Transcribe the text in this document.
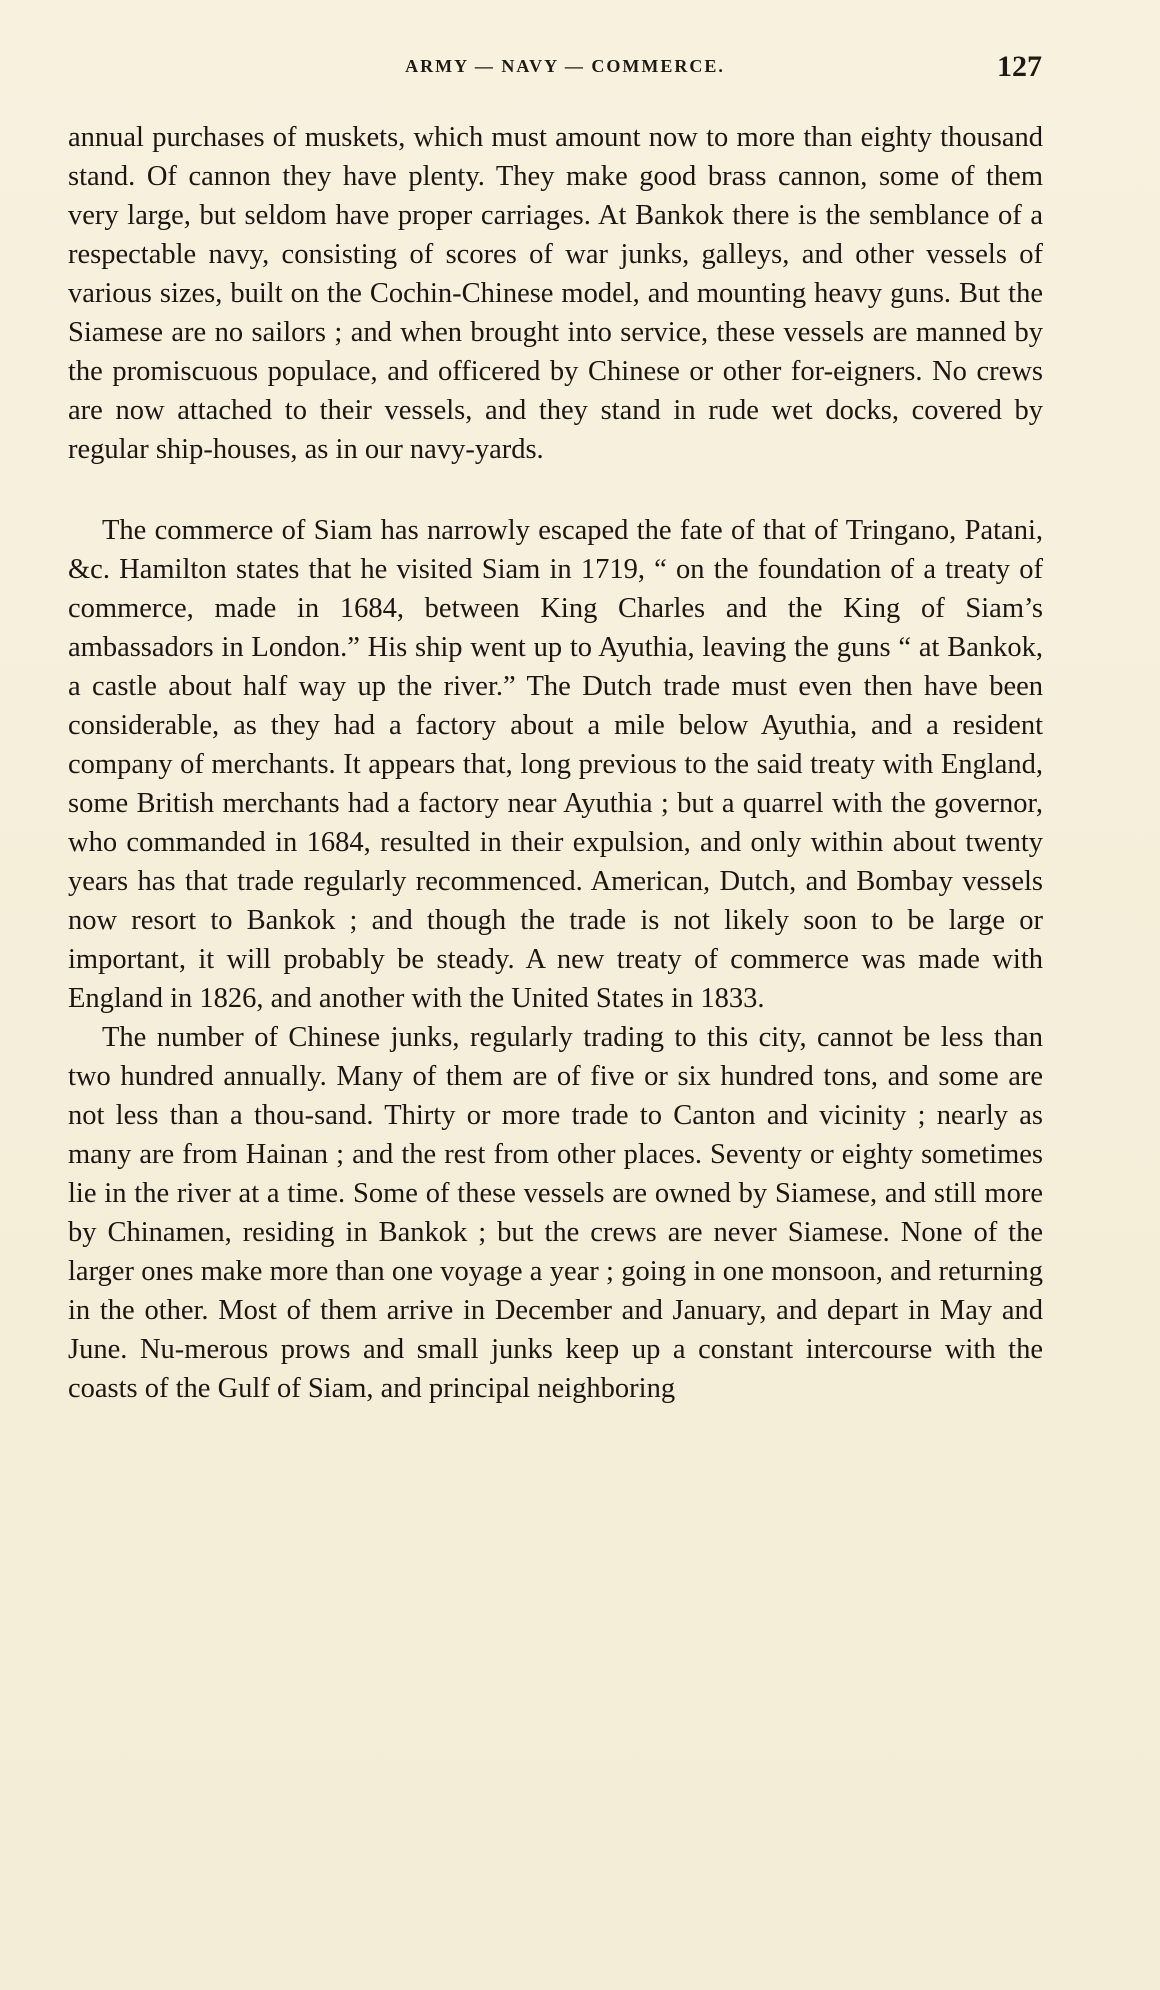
ARMY — NAVY — COMMERCE.	127

annual purchases of muskets, which must amount now to more than eighty thousand stand. Of cannon they have plenty. They make good brass cannon, some of them very large, but seldom have proper carriages. At Bankok there is the semblance of a respectable navy, consisting of scores of war junks, galleys, and other vessels of various sizes, built on the Cochin-Chinese model, and mounting heavy guns. But the Siamese are no sailors ; and when brought into service, these vessels are manned by the promiscuous populace, and officered by Chinese or other for-eigners. No crews are now attached to their vessels, and they stand in rude wet docks, covered by regular ship-houses, as in our navy-yards.

The commerce of Siam has narrowly escaped the fate of that of Tringano, Patani, &c. Hamilton states that he visited Siam in 1719, “ on the foundation of a treaty of commerce, made in 1684, between King Charles and the King of Siam’s ambassadors in London.” His ship went up to Ayuthia, leaving the guns “ at Bankok, a castle about half way up the river.” The Dutch trade must even then have been considerable, as they had a factory about a mile below Ayuthia, and a resident company of merchants. It appears that, long previous to the said treaty with England, some British merchants had a factory near Ayuthia ; but a quarrel with the governor, who commanded in 1684, resulted in their expulsion, and only within about twenty years has that trade regularly recommenced. American, Dutch, and Bombay vessels now resort to Bankok ; and though the trade is not likely soon to be large or important, it will probably be steady. A new treaty of commerce was made with England in 1826, and another with the United States in 1833.

The number of Chinese junks, regularly trading to this city, cannot be less than two hundred annually. Many of them are of five or six hundred tons, and some are not less than a thou-sand. Thirty or more trade to Canton and vicinity ; nearly as many are from Hainan ; and the rest from other places. Seventy or eighty sometimes lie in the river at a time. Some of these vessels are owned by Siamese, and still more by Chinamen, residing in Bankok ; but the crews are never Siamese. None of the larger ones make more than one voyage a year ; going in one monsoon, and returning in the other. Most of them arrive in December and January, and depart in May and June. Nu-merous prows and small junks keep up a constant intercourse with the coasts of the Gulf of Siam, and principal neighboring
